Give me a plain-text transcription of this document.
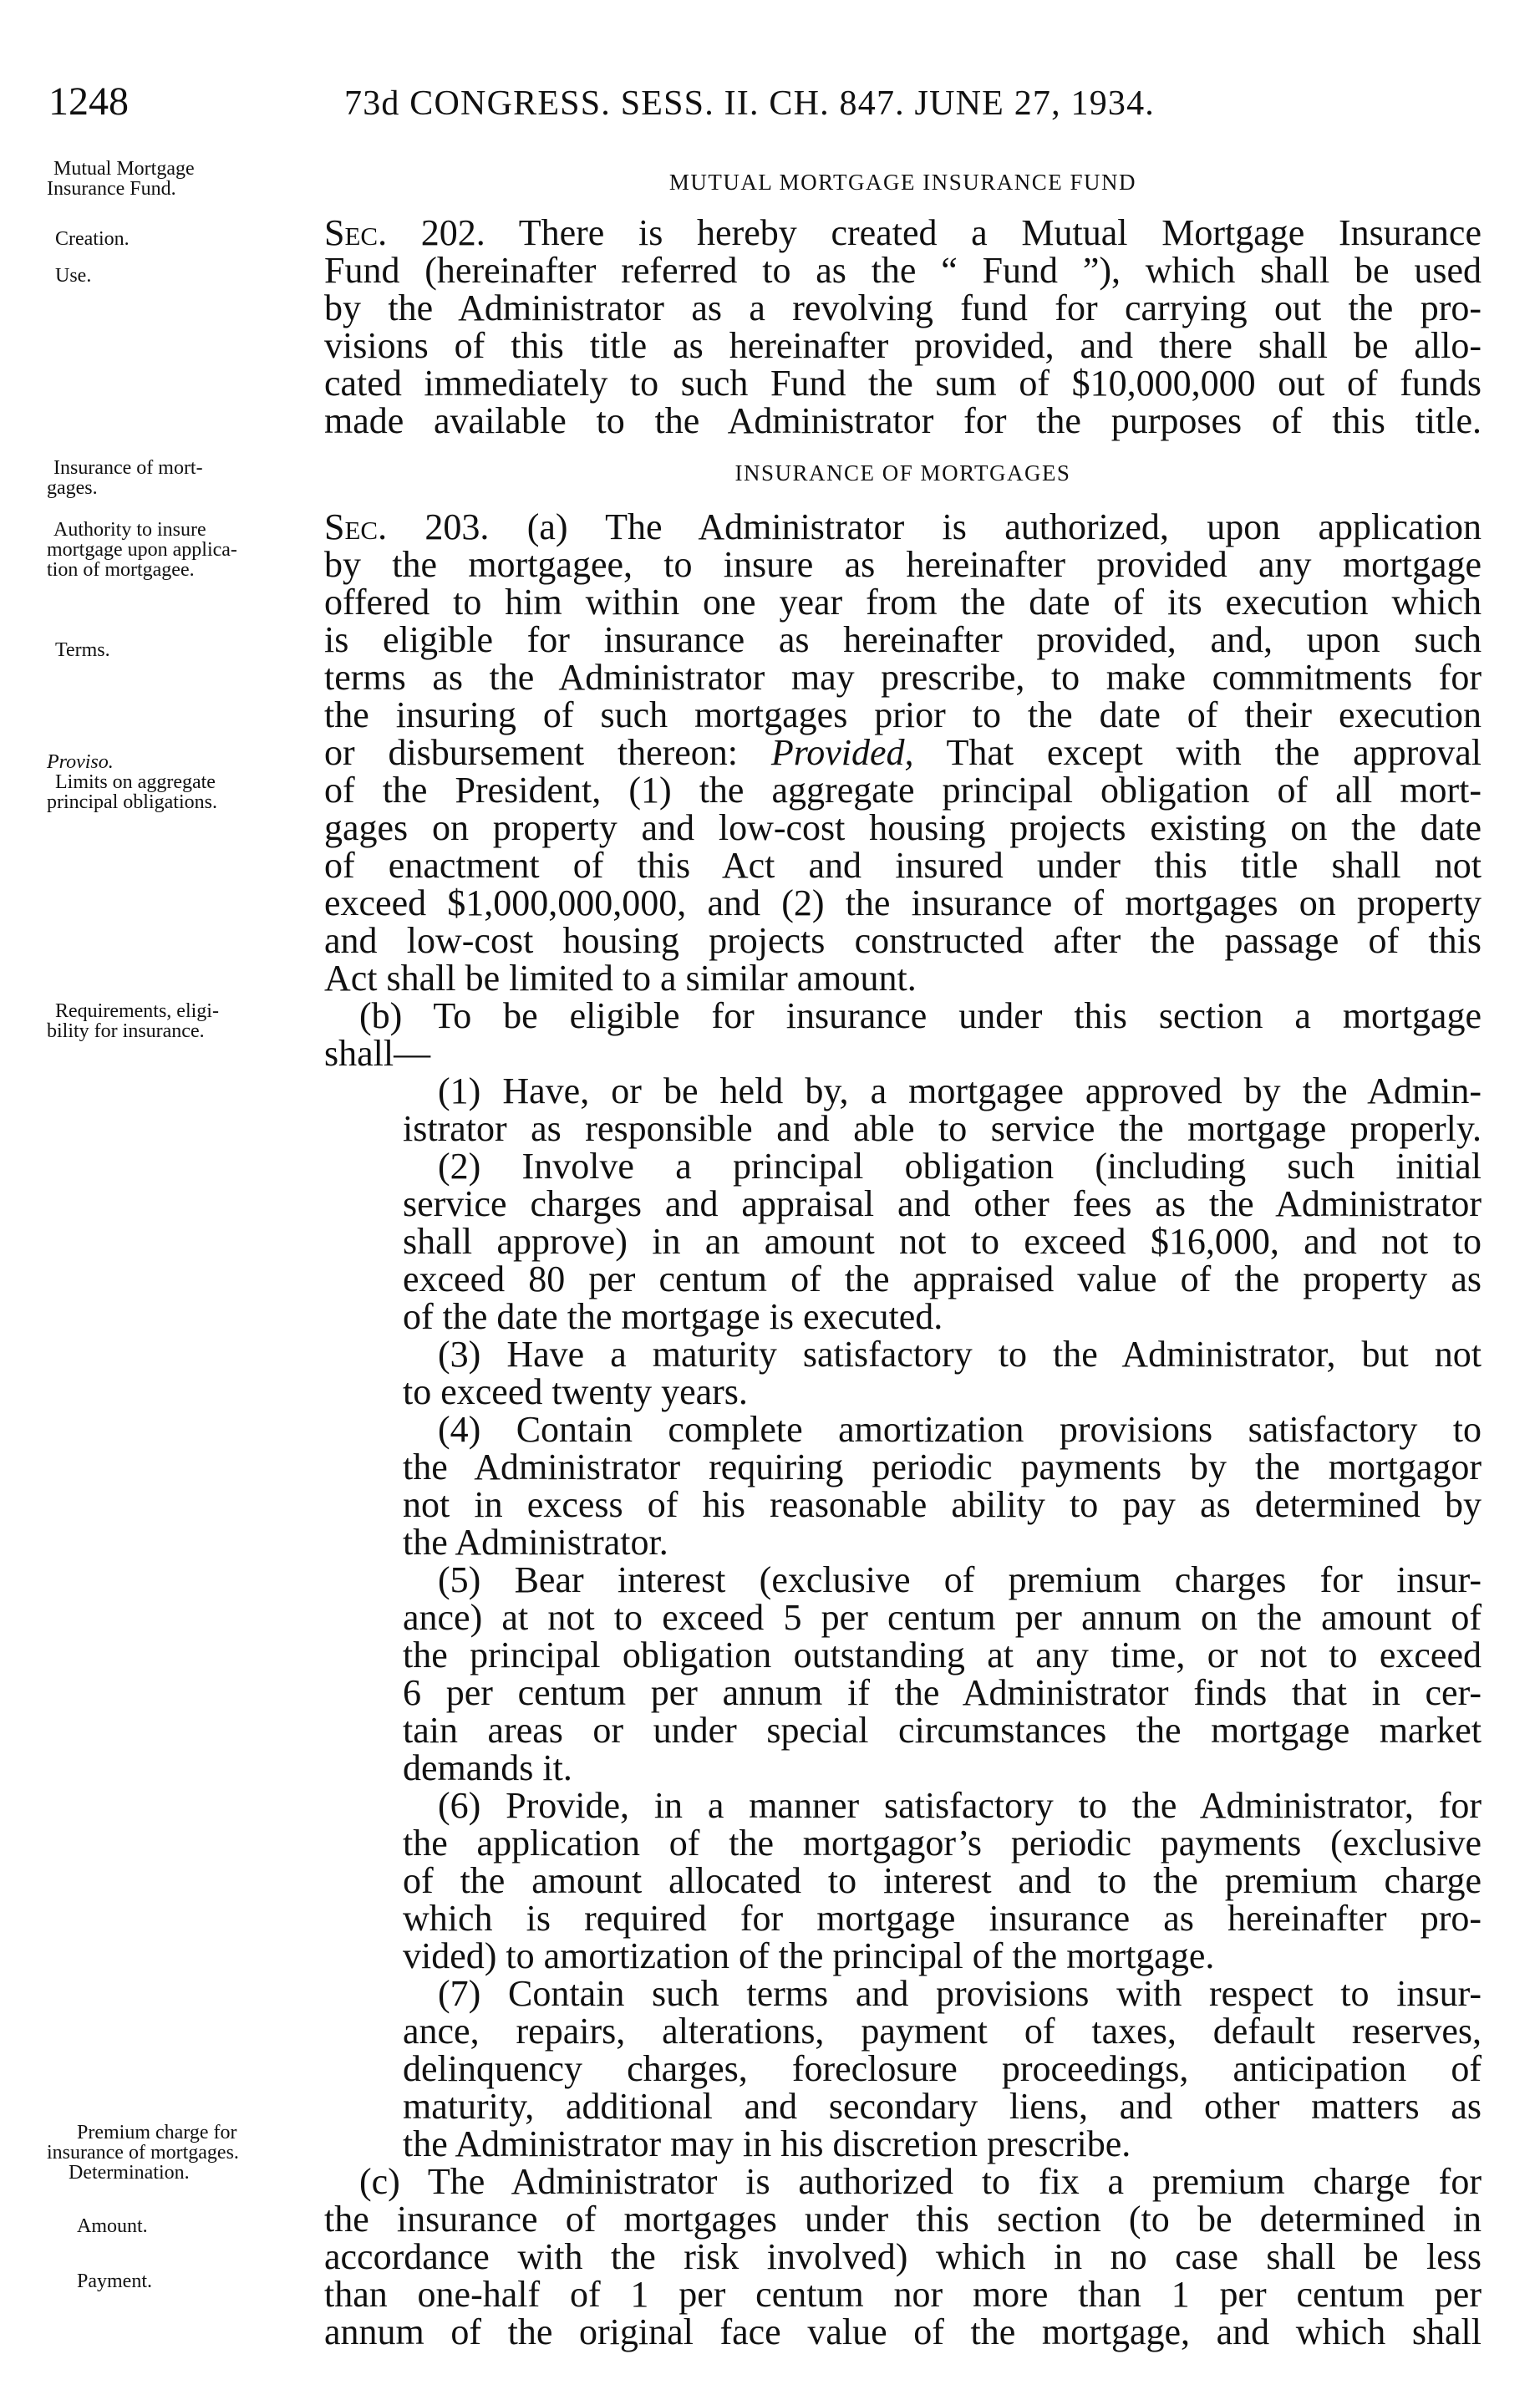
1248	73d CONGRESS. SESS. II. CH. 847. JUNE 27, 1934.
Mutual Mortgage
Insurance Fund.
Creation.
Use.
Insurance of mort-
gages.
Authority to insure
mortgage upon applica-
tion of mortgagee.
Terms.
Proviso.
Limits on aggregate
principal obligations.
Requirements, eligi-
bility for insurance.
Premium charge for
insurance of mortgages.
Determination.
Amount.
Payment.
MUTUAL MORTGAGE INSURANCE FUND
Sec. 202. There is hereby created a Mutual Mortgage Insurance
Fund (hereinafter referred to as the “ Fund ”), which shall be used
by the Administrator as a revolving fund for carrying out the pro-
visions of this title as hereinafter provided, and there shall be allo-
cated immediately to such Fund the sum of $10,000,000 out of funds
made available to the Administrator for the purposes of this title.
INSURANCE OF MORTGAGES
Sec. 203. (a) The Administrator is authorized, upon application
by the mortgagee, to insure as hereinafter provided any mortgage
offered to him within one year from the date of its execution which
is eligible for insurance as hereinafter provided, and, upon such
terms as the Administrator may prescribe, to make commitments for
the insuring of such mortgages prior to the date of their execution
or disbursement thereon: Provided, That except with the approval
of the President, (1) the aggregate principal obligation of all mort-
gages on property and low-cost housing projects existing on the date
of enactment of this Act and insured under this title shall not
exceed $1,000,000,000, and (2) the insurance of mortgages on property
and low-cost housing projects constructed after the passage of this
Act shall be limited to a similar amount.
(b) To be eligible for insurance under this section a mortgage
shall—
(1) Have, or be held by, a mortgagee approved by the Admin-
istrator as responsible and able to service the mortgage properly.
(2) Involve a principal obligation (including such initial
service charges and appraisal and other fees as the Administrator
shall approve) in an amount not to exceed $16,000, and not to
exceed 80 per centum of the appraised value of the property as
of the date the mortgage is executed.
(3) Have a maturity satisfactory to the Administrator, but not
to exceed twenty years.
(4) Contain complete amortization provisions satisfactory to
the Administrator requiring periodic payments by the mortgagor
not in excess of his reasonable ability to pay as determined by
the Administrator.
(5) Bear interest (exclusive of premium charges for insur-
ance) at not to exceed 5 per centum per annum on the amount of
the principal obligation outstanding at any time, or not to exceed
6 per centum per annum if the Administrator finds that in cer-
tain areas or under special circumstances the mortgage market
demands it.
(6) Provide, in a manner satisfactory to the Administrator, for
the application of the mortgagor’s periodic payments (exclusive
of the amount allocated to interest and to the premium charge
which is required for mortgage insurance as hereinafter pro-
vided) to amortization of the principal of the mortgage.
(7) Contain such terms and provisions with respect to insur-
ance, repairs, alterations, payment of taxes, default reserves,
delinquency charges, foreclosure proceedings, anticipation of
maturity, additional and secondary liens, and other matters as
the Administrator may in his discretion prescribe.
(c) The Administrator is authorized to fix a premium charge for
the insurance of mortgages under this section (to be determined in
accordance with the risk involved) which in no case shall be less
than one-half of 1 per centum nor more than 1 per centum per
annum of the original face value of the mortgage, and which shall
